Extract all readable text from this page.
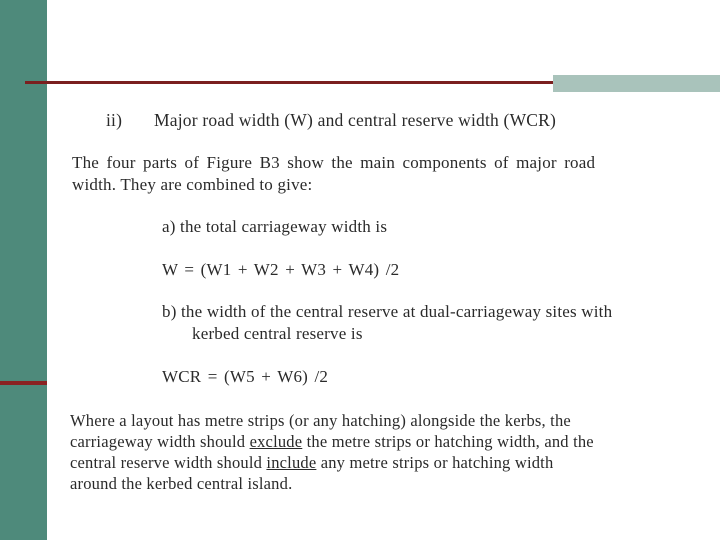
ii) Major road width (W) and central reserve width (WCR)
The four parts of Figure B3 show the main components of major road
width. They are combined to give:
a) the total carriageway width is
W = (W1 + W2 + W3 + W4) /2
b) the width of the central reserve at dual-carriageway sites with
kerbed central reserve is
WCR = (W5 + W6) /2
Where a layout has metre strips (or any hatching) alongside the kerbs, the
carriageway width should exclude the metre strips or hatching width, and the
central reserve width should include any metre strips or hatching width
around the kerbed central island.
